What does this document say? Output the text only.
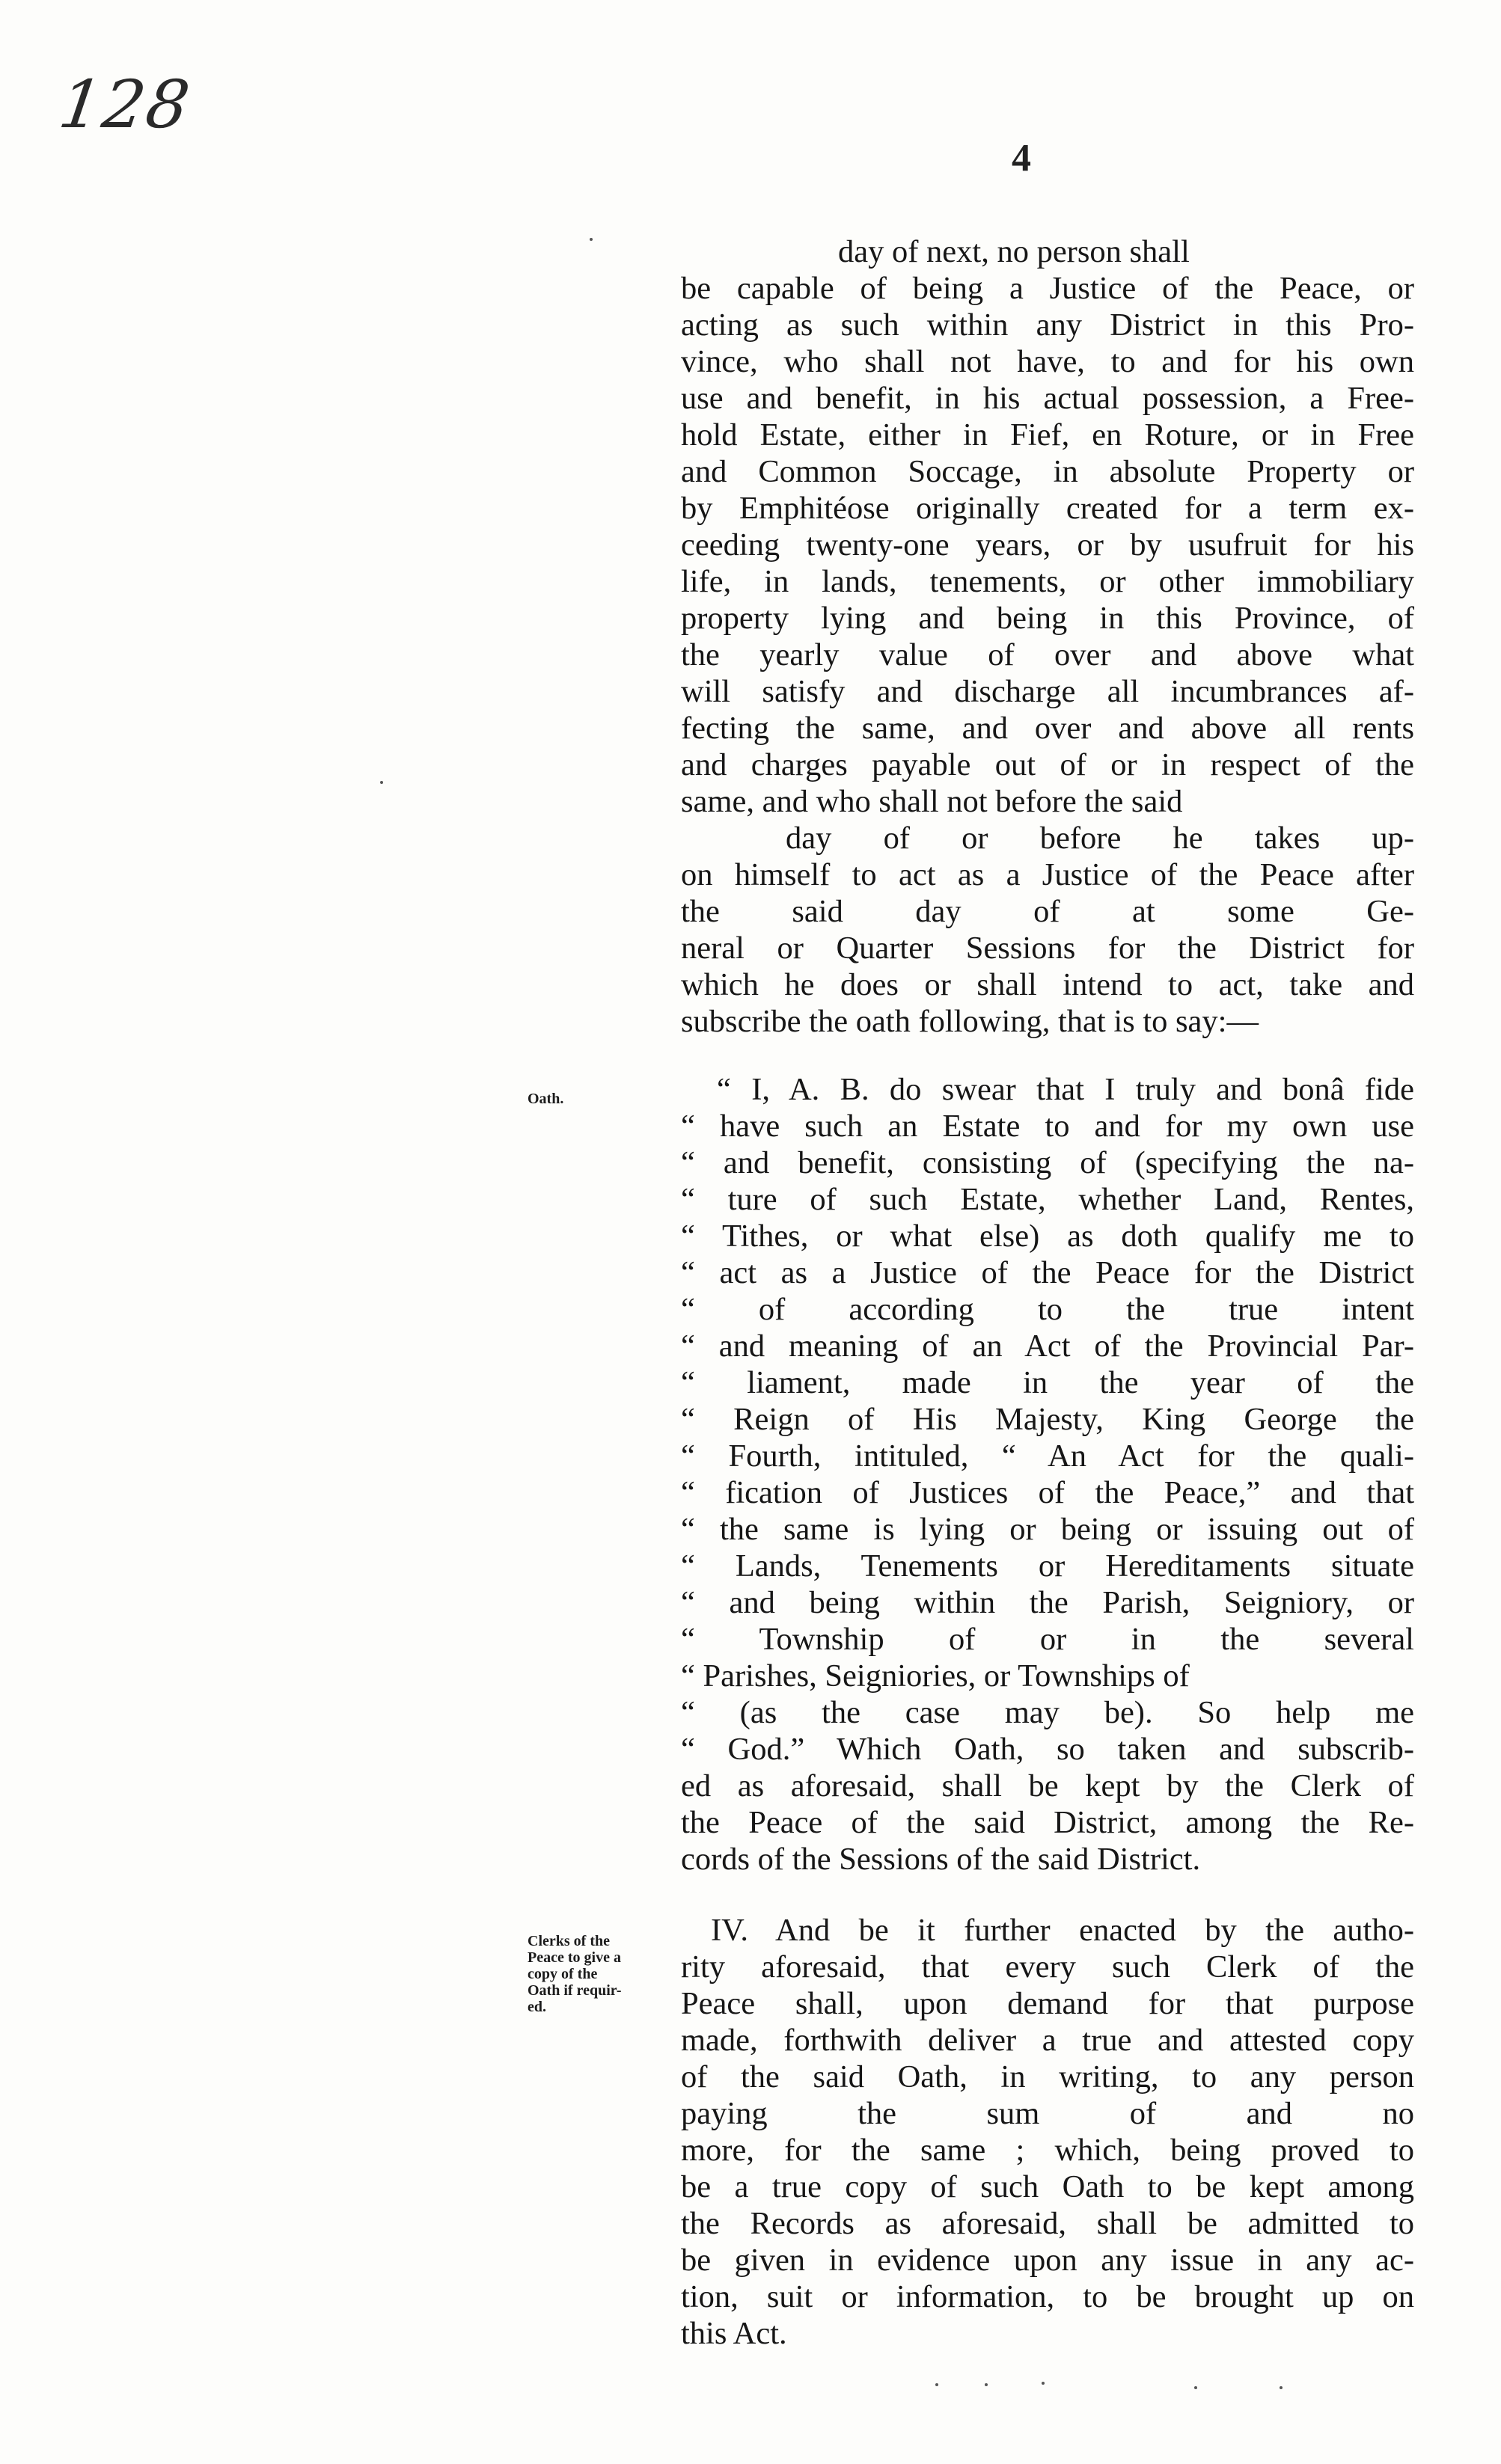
128
4
day of next, no person shall
be capable of being a Justice of the Peace, or
acting as such within any District in this Pro-
vince, who shall not have, to and for his own
use and benefit, in his actual possession, a Free-
hold Estate, either in Fief, en Roture, or in Free
and Common Soccage, in absolute Property or
by Emphitéose originally created for a term ex-
ceeding twenty-one years, or by usufruit for his
life, in lands, tenements, or other immobiliary
property lying and being in this Province, of
the yearly value of over and above what
will satisfy and discharge all incumbrances af-
fecting the same, and over and above all rents
and charges payable out of or in respect of the
same, and who shall not before the said
day of or before he takes up-
on himself to act as a Justice of the Peace after
the said day of at some Ge-
neral or Quarter Sessions for the District for
which he does or shall intend to act, take and
subscribe the oath following, that is to say:—
Oath.	“ I, A. B. do swear that I truly and bonâ fide
“ have such an Estate to and for my own use
“ and benefit, consisting of (specifying the na-
“ ture of such Estate, whether Land, Rentes,
“ Tithes, or what else) as doth qualify me to
“ act as a Justice of the Peace for the District
“ of according to the true intent
“ and meaning of an Act of the Provincial Par-
“ liament, made in the year of the
“ Reign of His Majesty, King George the
“ Fourth, intituled, “ An Act for the quali-
“ fication of Justices of the Peace,” and that
“ the same is lying or being or issuing out of
“ Lands, Tenements or Hereditaments situate
“ and being within the Parish, Seigniory, or
“ Township of or in the several
“ Parishes, Seigniories, or Townships of
“ (as the case may be). So help me
“ God.” Which Oath, so taken and subscrib-
ed as aforesaid, shall be kept by the Clerk of
the Peace of the said District, among the Re-
cords of the Sessions of the said District.
Clerks of the
Peace to give a
copy of the
Oath if requir-
ed.
IV. And be it further enacted by the autho-
rity aforesaid, that every such Clerk of the
Peace shall, upon demand for that purpose
made, forthwith deliver a true and attested copy
of the said Oath, in writing, to any person
paying the sum of and no
more, for the same ; which, being proved to
be a true copy of such Oath to be kept among
the Records as aforesaid, shall be admitted to
be given in evidence upon any issue in any ac-
tion, suit or information, to be brought up on
this Act.
